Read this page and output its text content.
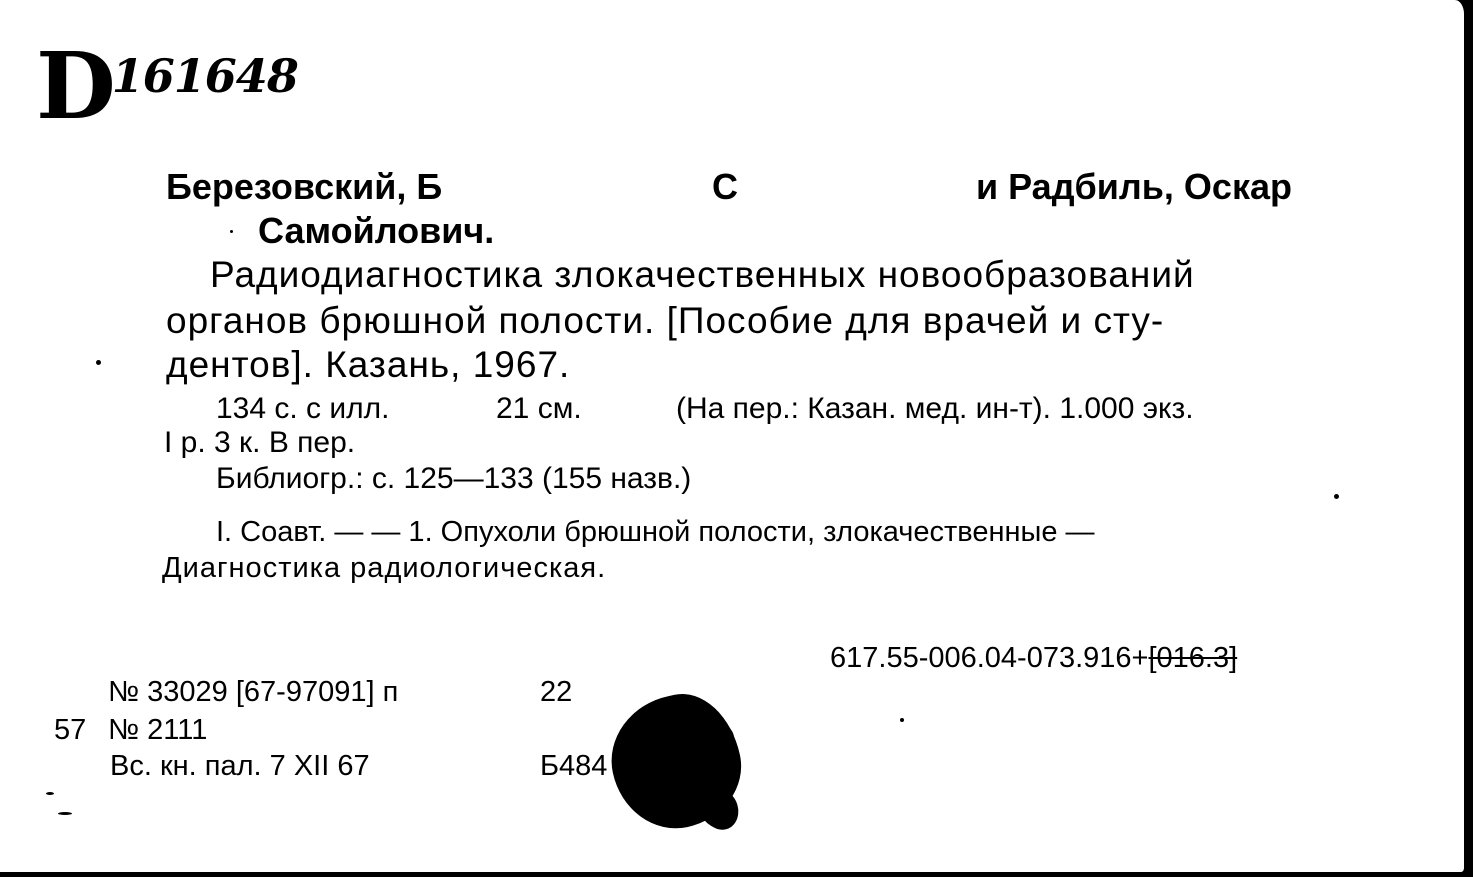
D161648
Березовский, Б	С	и Радбиль, Оскар
Самойлович.
Радиодиагностика злокачественных новообразований
органов брюшной полости. [Пособие для врачей и сту-
дентов]. Казань, 1967.
134 с. с илл.	21 см.	(На пер.: Казан. мед. ин-т). 1.000 экз.
I р. 3 к. В пер.
Библиогр.: с. 125—133 (155 назв.)
I. Соавт. — — 1. Опухоли брюшной полости, злокачественные —
Диагностика радиологическая.
617.55-006.04-073.916+[016.3]
№ 33029 [67-97091] п	22
57 № 2111
Вс. кн. пал. 7 XII 67	Б484
